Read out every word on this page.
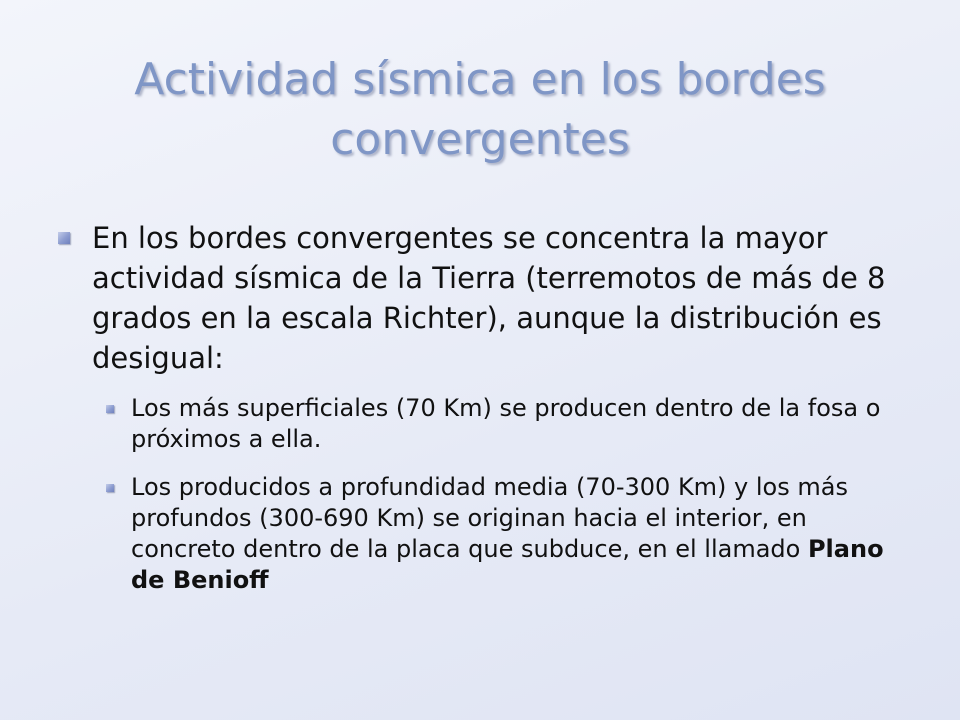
Actividad sísmica en los bordes
convergentes
En los bordes convergentes se concentra la mayor actividad sísmica de la Tierra (terremotos de más de 8 grados en la escala Richter), aunque la distribución es desigual:
Los más superficiales (70 Km) se producen dentro de la fosa o próximos a ella.
Los producidos a profundidad media (70-300 Km) y los más profundos (300-690 Km) se originan hacia el interior, en concreto dentro de la placa que subduce, en el llamado Plano de Benioff
